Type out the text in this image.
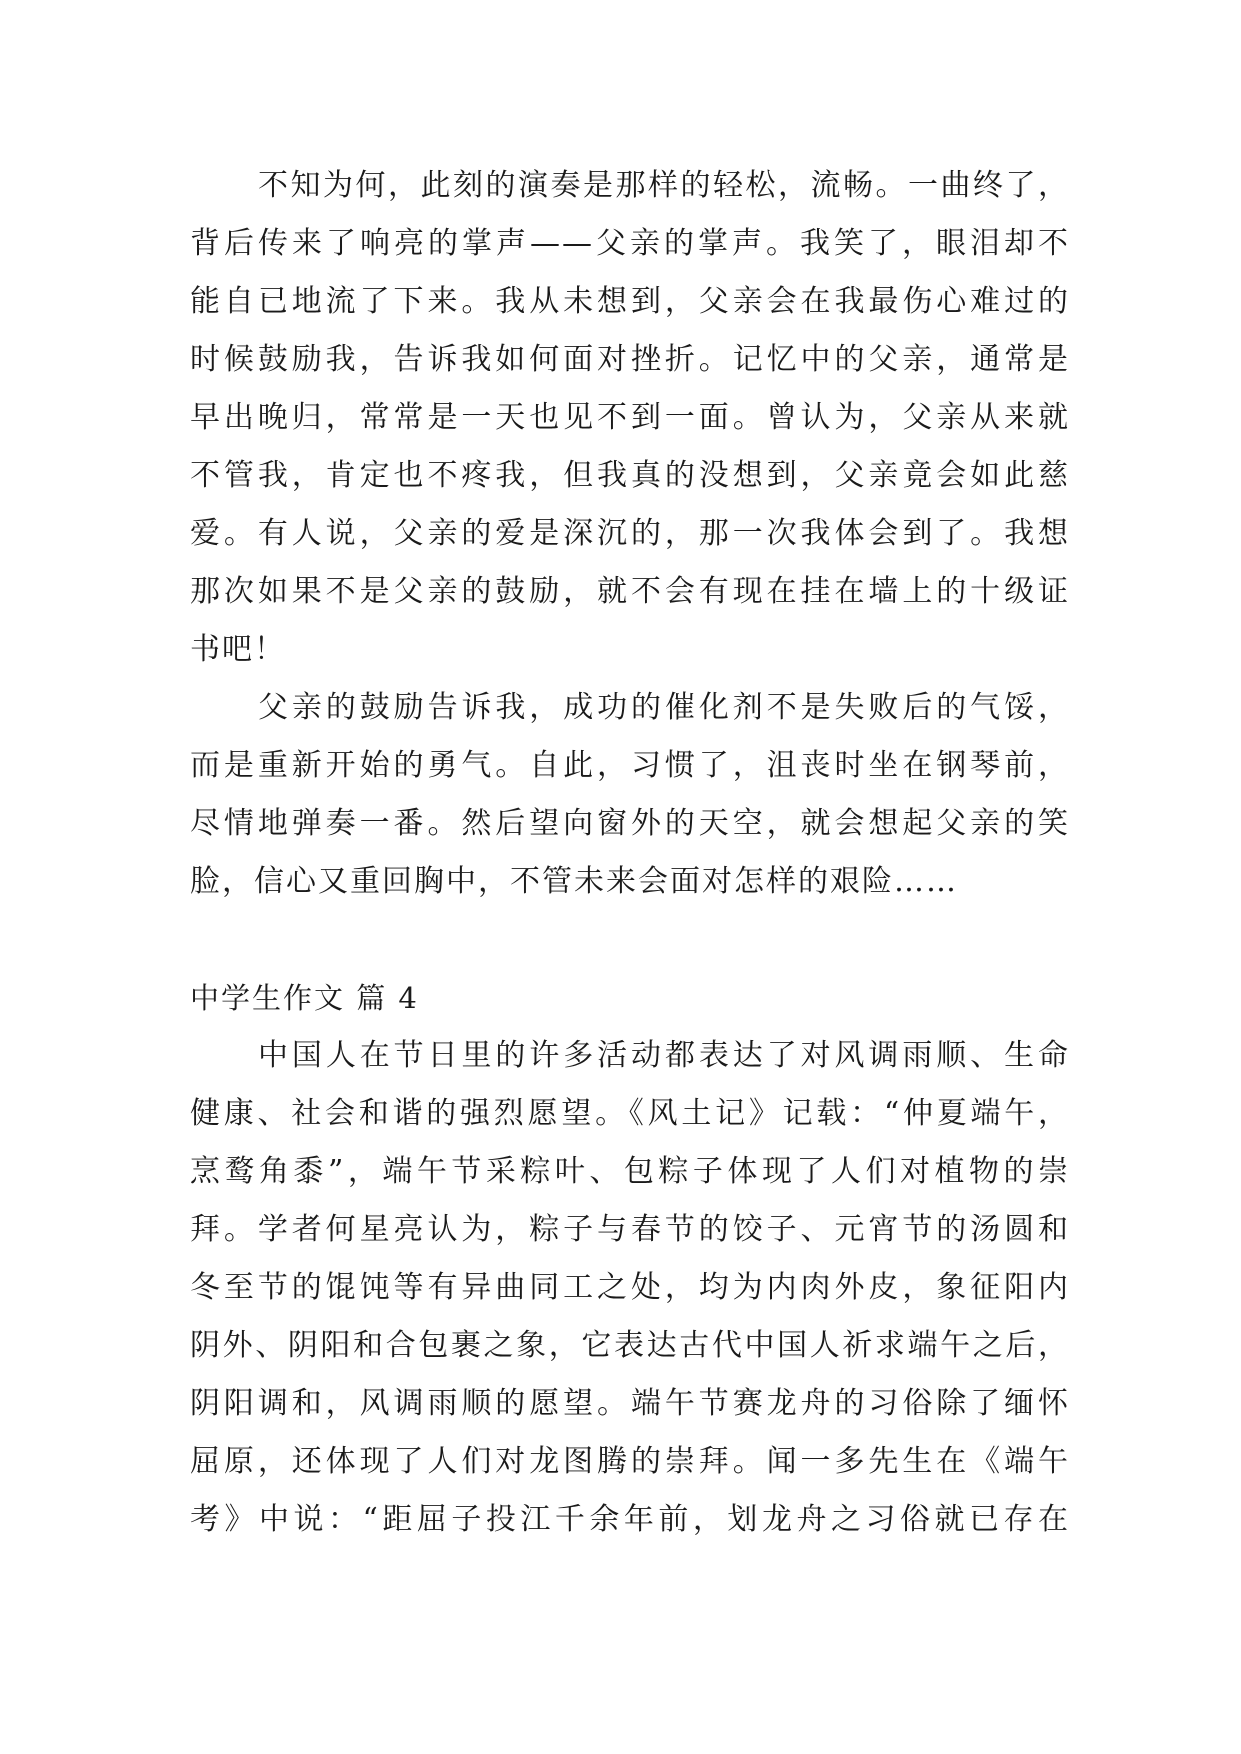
不知为何，此刻的演奏是那样的轻松，流畅。一曲终了，
背后传来了响亮的掌声——父亲的掌声。我笑了，眼泪却不
能自已地流了下来。我从未想到，父亲会在我最伤心难过的
时候鼓励我，告诉我如何面对挫折。记忆中的父亲，通常是
早出晚归，常常是一天也见不到一面。曾认为，父亲从来就
不管我，肯定也不疼我，但我真的没想到，父亲竟会如此慈
爱。有人说，父亲的爱是深沉的，那一次我体会到了。我想
那次如果不是父亲的鼓励，就不会有现在挂在墙上的十级证
书吧！
父亲的鼓励告诉我，成功的催化剂不是失败后的气馁，
而是重新开始的勇气。自此，习惯了，沮丧时坐在钢琴前，
尽情地弹奏一番。然后望向窗外的天空，就会想起父亲的笑
脸，信心又重回胸中，不管未来会面对怎样的艰险……
中学生作文 篇 4
中国人在节日里的许多活动都表达了对风调雨顺、生命
健康、社会和谐的强烈愿望。《风土记》记载：“仲夏端午，
烹鹜角黍”，端午节采粽叶、包粽子体现了人们对植物的崇
拜。学者何星亮认为，粽子与春节的饺子、元宵节的汤圆和
冬至节的馄饨等有异曲同工之处，均为内肉外皮，象征阳内
阴外、阴阳和合包裹之象，它表达古代中国人祈求端午之后，
阴阳调和，风调雨顺的愿望。端午节赛龙舟的习俗除了缅怀
屈原，还体现了人们对龙图腾的崇拜。闻一多先生在《端午
考》中说：“距屈子投江千余年前，划龙舟之习俗就已存在
